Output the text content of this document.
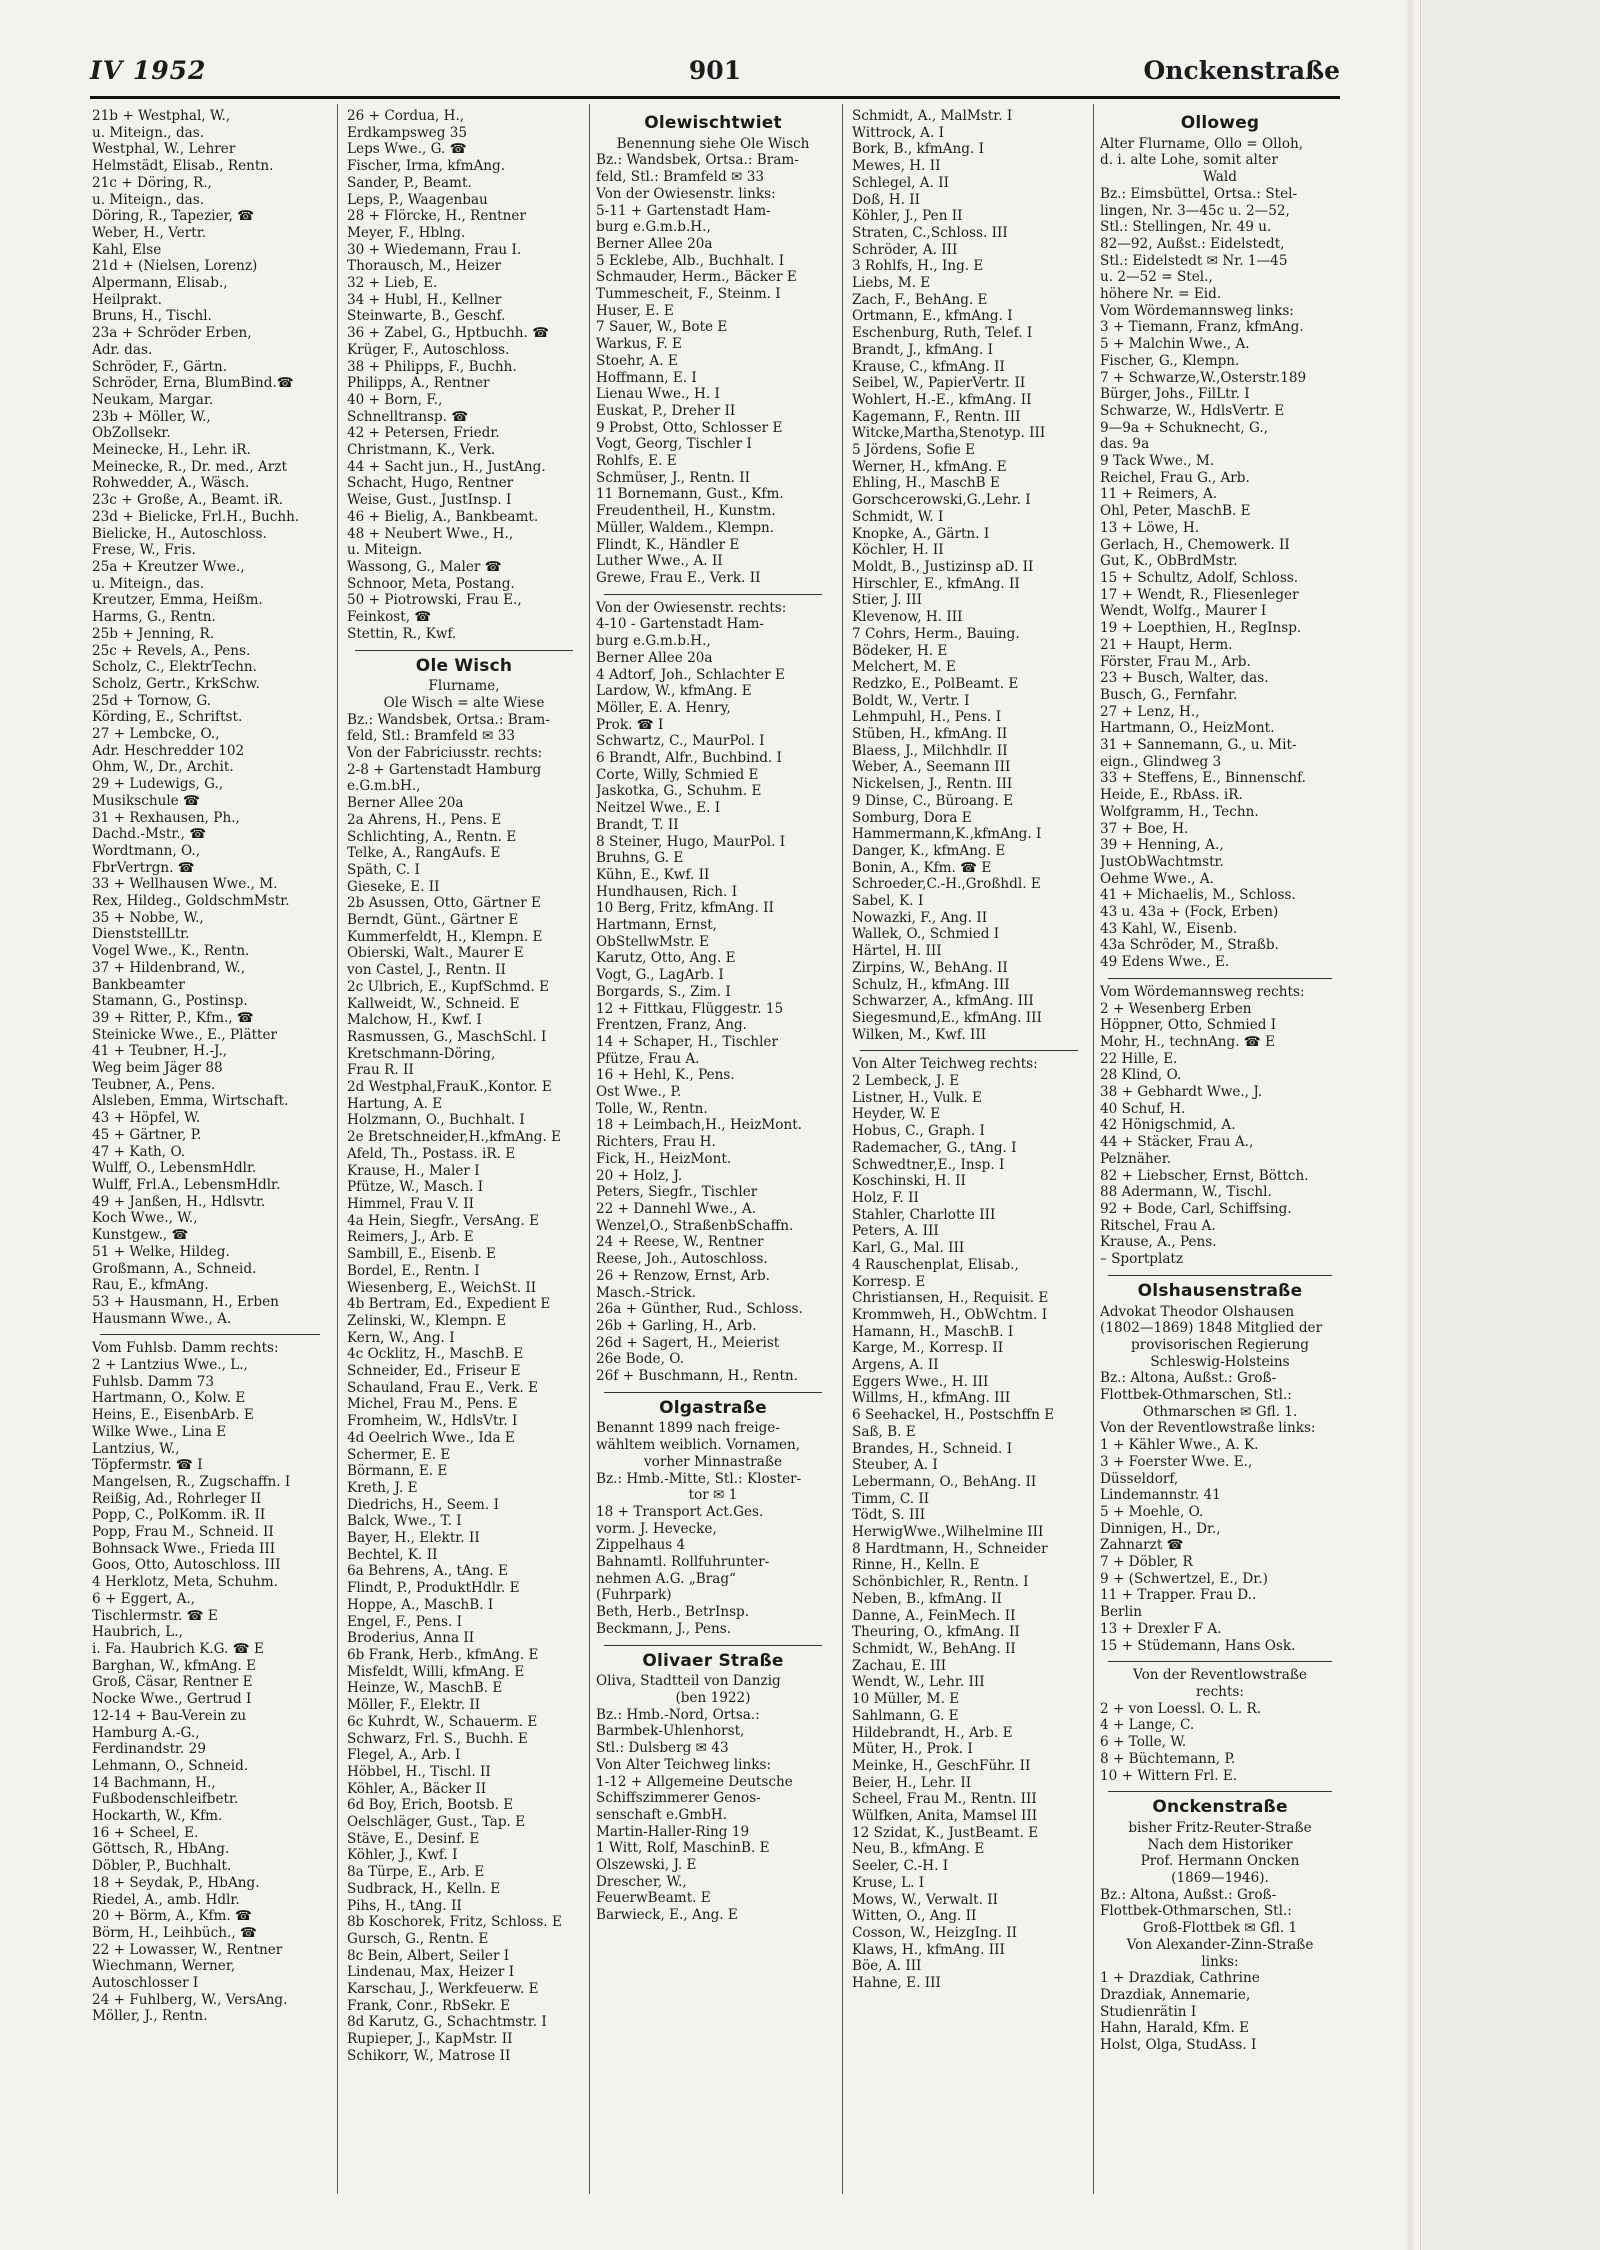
IV 1952	901	Onckenstraße
21b + Westphal, W.,
u. Miteign., das.
Westphal, W., Lehrer
Helmstädt, Elisab., Rentn.
21c + Döring, R.,
u. Miteign., das.
Döring, R., Tapezier, ☎
Weber, H., Vertr.
Kahl, Else
21d + (Nielsen, Lorenz)
Alpermann, Elisab.,
Heilprakt.
Bruns, H., Tischl.
23a + Schröder Erben,
Adr. das.
Schröder, F., Gärtn.
Schröder, Erna, BlumBind.☎
Neukam, Margar.
23b + Möller, W.,
ObZollsekr.
Meinecke, H., Lehr. iR.
Meinecke, R., Dr. med., Arzt
Rohwedder, A., Wäsch.
23c + Große, A., Beamt. iR.
23d + Bielicke, Frl.H., Buchh.
Bielicke, H., Autoschloss.
Frese, W., Fris.
25a + Kreutzer Wwe.,
u. Miteign., das.
Kreutzer, Emma, Heißm.
Harms, G., Rentn.
25b + Jenning, R.
25c + Revels, A., Pens.
Scholz, C., ElektrTechn.
Scholz, Gertr., KrkSchw.
25d + Tornow, G.
Körding, E., Schriftst.
27 + Lembcke, O.,
Adr. Heschredder 102
Ohm, W., Dr., Archit.
29 + Ludewigs, G.,
Musikschule ☎
31 + Rexhausen, Ph.,
Dachd.-Mstr., ☎
Wordtmann, O.,
FbrVertrgn. ☎
33 + Wellhausen Wwe., M.
Rex, Hildeg., GoldschmMstr.
35 + Nobbe, W.,
DienststellLtr.
Vogel Wwe., K., Rentn.
37 + Hildenbrand, W.,
Bankbeamter
Stamann, G., Postinsp.
39 + Ritter, P., Kfm., ☎
Steinicke Wwe., E., Plätter
41 + Teubner, H.-J.,
Weg beim Jäger 88
Teubner, A., Pens.
Alsleben, Emma, Wirtschaft.
43 + Höpfel, W.
45 + Gärtner, P.
47 + Kath, O.
Wulff, O., LebensmHdlr.
Wulff, Frl.A., LebensmHdlr.
49 + Janßen, H., Hdlsvtr.
Koch Wwe., W.,
Kunstgew., ☎
51 + Welke, Hildeg.
Großmann, A., Schneid.
Rau, E., kfmAng.
53 + Hausmann, H., Erben
Hausmann Wwe., A.
Vom Fuhlsb. Damm rechts:
2 + Lantzius Wwe., L.,
Fuhlsb. Damm 73
Hartmann, O., Kolw. E
Heins, E., EisenbArb. E
Wilke Wwe., Lina E
Lantzius, W.,
Töpfermstr. ☎ I
Mangelsen, R., Zugschaffn. I
Reißig, Ad., Rohrleger II
Popp, C., PolKomm. iR. II
Popp, Frau M., Schneid. II
Bohnsack Wwe., Frieda III
Goos, Otto, Autoschloss. III
4 Herklotz, Meta, Schuhm.
6 + Eggert, A.,
Tischlermstr. ☎ E
Haubrich, L.,
i. Fa. Haubrich K.G. ☎ E
Barghan, W., kfmAng. E
Groß, Cäsar, Rentner E
Nocke Wwe., Gertrud I
12-14 + Bau-Verein zu
Hamburg A.-G.,
Ferdinandstr. 29
Lehmann, O., Schneid.
14 Bachmann, H.,
Fußbodenschleifbetr.
Hockarth, W., Kfm.
16 + Scheel, E.
Göttsch, R., HbAng.
Döbler, P., Buchhalt.
18 + Seydak, P., HbAng.
Riedel, A., amb. Hdlr.
20 + Börm, A., Kfm. ☎
Börm, H., Leihbüch., ☎
22 + Lowasser, W., Rentner
Wiechmann, Werner,
Autoschlosser I
24 + Fuhlberg, W., VersAng.
Möller, J., Rentn.
26 + Cordua, H.,
Erdkampsweg 35
Leps Wwe., G. ☎
Fischer, Irma, kfmAng.
Sander, P., Beamt.
Leps, P., Waagenbau
28 + Flörcke, H., Rentner
Meyer, F., Hblng.
30 + Wiedemann, Frau I.
Thorausch, M., Heizer
32 + Lieb, E.
34 + Hubl, H., Kellner
Steinwarte, B., Geschf.
36 + Zabel, G., Hptbuchh. ☎
Krüger, F., Autoschloss.
38 + Philipps, F., Buchh.
Philipps, A., Rentner
40 + Born, F.,
Schnelltransp. ☎
42 + Petersen, Friedr.
Christmann, K., Verk.
44 + Sacht jun., H., JustAng.
Schacht, Hugo, Rentner
Weise, Gust., JustInsp. I
46 + Bielig, A., Bankbeamt.
48 + Neubert Wwe., H.,
u. Miteign.
Wassong, G., Maler ☎
Schnoor, Meta, Postang.
50 + Piotrowski, Frau E.,
Feinkost, ☎
Stettin, R., Kwf.
Ole Wisch
Flurname,
Ole Wisch = alte Wiese
Bz.: Wandsbek, Ortsa.: Bram-
feld, Stl.: Bramfeld ✉ 33
Von der Fabriciusstr. rechts:
2-8 + Gartenstadt Hamburg
e.G.m.bH.,
Berner Allee 20a
2a Ahrens, H., Pens. E
Schlichting, A., Rentn. E
Telke, A., RangAufs. E
Späth, C. I
Gieseke, E. II
2b Asussen, Otto, Gärtner E
Berndt, Günt., Gärtner E
Kummerfeldt, H., Klempn. E
Obierski, Walt., Maurer E
von Castel, J., Rentn. II
2c Ulbrich, E., KupfSchmd. E
Kallweidt, W., Schneid. E
Malchow, H., Kwf. I
Rasmussen, G., MaschSchl. I
Kretschmann-Döring,
Frau R. II
2d Westphal,FrauK.,Kontor. E
Hartung, A. E
Holzmann, O., Buchhalt. I
2e Bretschneider,H.,kfmAng. E
Afeld, Th., Postass. iR. E
Krause, H., Maler I
Pfütze, W., Masch. I
Himmel, Frau V. II
4a Hein, Siegfr., VersAng. E
Reimers, J., Arb. E
Sambill, E., Eisenb. E
Bordel, E., Rentn. I
Wiesenberg, E., WeichSt. II
4b Bertram, Ed., Expedient E
Zelinski, W., Klempn. E
Kern, W., Ang. I
4c Ocklitz, H., MaschB. E
Schneider, Ed., Friseur E
Schauland, Frau E., Verk. E
Michel, Frau M., Pens. E
Fromheim, W., HdlsVtr. I
4d Oeelrich Wwe., Ida E
Schermer, E. E
Börmann, E. E
Kreth, J. E
Diedrichs, H., Seem. I
Balck, Wwe., T. I
Bayer, H., Elektr. II
Bechtel, K. II
6a Behrens, A., tAng. E
Flindt, P., ProduktHdlr. E
Hoppe, A., MaschB. I
Engel, F., Pens. I
Broderius, Anna II
6b Frank, Herb., kfmAng. E
Misfeldt, Willi, kfmAng. E
Heinze, W., MaschB. E
Möller, F., Elektr. II
6c Kuhrdt, W., Schauerm. E
Schwarz, Frl. S., Buchh. E
Flegel, A., Arb. I
Höbbel, H., Tischl. II
Köhler, A., Bäcker II
6d Boy, Erich, Bootsb. E
Oelschläger, Gust., Tap. E
Stäve, E., Desinf. E
Köhler, J., Kwf. I
8a Türpe, E., Arb. E
Sudbrack, H., Kelln. E
Pihs, H., tAng. II
8b Koschorek, Fritz, Schloss. E
Gursch, G., Rentn. E
8c Bein, Albert, Seiler I
Lindenau, Max, Heizer I
Karschau, J., Werkfeuerw. E
Frank, Conr., RbSekr. E
8d Karutz, G., Schachtmstr. I
Rupieper, J., KapMstr. II
Schikorr, W., Matrose II
Olewischtwiet
Benennung siehe Ole Wisch
Bz.: Wandsbek, Ortsa.: Bram-
feld, Stl.: Bramfeld ✉ 33
Von der Owiesenstr. links:
5-11 + Gartenstadt Ham-
burg e.G.m.b.H.,
Berner Allee 20a
5 Ecklebe, Alb., Buchhalt. I
Schmauder, Herm., Bäcker E
Tummescheit, F., Steinm. I
Huser, E. E
7 Sauer, W., Bote E
Warkus, F. E
Stoehr, A. E
Hoffmann, E. I
Lienau Wwe., H. I
Euskat, P., Dreher II
9 Probst, Otto, Schlosser E
Vogt, Georg, Tischler I
Rohlfs, E. E
Schmüser, J., Rentn. II
11 Bornemann, Gust., Kfm.
Freudentheil, H., Kunstm.
Müller, Waldem., Klempn.
Flindt, K., Händler E
Luther Wwe., A. II
Grewe, Frau E., Verk. II
Von der Owiesenstr. rechts:
4-10 - Gartenstadt Ham-
burg e.G.m.b.H.,
Berner Allee 20a
4 Adtorf, Joh., Schlachter E
Lardow, W., kfmAng. E
Möller, E. A. Henry,
Prok. ☎ I
Schwartz, C., MaurPol. I
6 Brandt, Alfr., Buchbind. I
Corte, Willy, Schmied E
Jaskotka, G., Schuhm. E
Neitzel Wwe., E. I
Brandt, T. II
8 Steiner, Hugo, MaurPol. I
Bruhns, G. E
Kühn, E., Kwf. II
Hundhausen, Rich. I
10 Berg, Fritz, kfmAng. II
Hartmann, Ernst,
ObStellwMstr. E
Karutz, Otto, Ang. E
Vogt, G., LagArb. I
Borgards, S., Zim. I
12 + Fittkau, Flüggestr. 15
Frentzen, Franz, Ang.
14 + Schaper, H., Tischler
Pfütze, Frau A.
16 + Hehl, K., Pens.
Ost Wwe., P.
Tolle, W., Rentn.
18 + Leimbach,H., HeizMont.
Richters, Frau H.
Fick, H., HeizMont.
20 + Holz, J.
Peters, Siegfr., Tischler
22 + Dannehl Wwe., A.
Wenzel,O., StraßenbSchaffn.
24 + Reese, W., Rentner
Reese, Joh., Autoschloss.
26 + Renzow, Ernst, Arb.
Masch.-Strick.
26a + Günther, Rud., Schloss.
26b + Garling, H., Arb.
26d + Sagert, H., Meierist
26e Bode, O.
26f + Buschmann, H., Rentn.
Olgastraße
Benannt 1899 nach freige-
wähltem weiblich. Vornamen,
vorher Minnastraße
Bz.: Hmb.-Mitte, Stl.: Kloster-
tor ✉ 1
18 + Transport Act.Ges.
vorm. J. Hevecke,
Zippelhaus 4
Bahnamtl. Rollfuhrunter-
nehmen A.G. „Brag“
(Fuhrpark)
Beth, Herb., BetrInsp.
Beckmann, J., Pens.
Olivaer Straße
Oliva, Stadtteil von Danzig
(ben 1922)
Bz.: Hmb.-Nord, Ortsa.:
Barmbek-Uhlenhorst,
Stl.: Dulsberg ✉ 43
Von Alter Teichweg links:
1-12 + Allgemeine Deutsche
Schiffszimmerer Genos-
senschaft e.GmbH.
Martin-Haller-Ring 19
1 Witt, Rolf, MaschinB. E
Olszewski, J. E
Drescher, W.,
FeuerwBeamt. E
Barwieck, E., Ang. E
Schmidt, A., MalMstr. I
Wittrock, A. I
Bork, B., kfmAng. I
Mewes, H. II
Schlegel, A. II
Doß, H. II
Köhler, J., Pen II
Straten, C.,Schloss. III
Schröder, A. III
3 Rohlfs, H., Ing. E
Liebs, M. E
Zach, F., BehAng. E
Ortmann, E., kfmAng. I
Eschenburg, Ruth, Telef. I
Brandt, J., kfmAng. I
Krause, C., kfmAng. II
Seibel, W., PapierVertr. II
Wohlert, H.-E., kfmAng. II
Kagemann, F., Rentn. III
Witcke,Martha,Stenotyp. III
5 Jördens, Sofie E
Werner, H., kfmAng. E
Ehling, H., MaschB E
Gorschcerowski,G.,Lehr. I
Schmidt, W. I
Knopke, A., Gärtn. I
Köchler, H. II
Moldt, B., Justizinsp aD. II
Hirschler, E., kfmAng. II
Stier, J. III
Klevenow, H. III
7 Cohrs, Herm., Bauing.
Bödeker, H. E
Melchert, M. E
Redzko, E., PolBeamt. E
Boldt, W., Vertr. I
Lehmpuhl, H., Pens. I
Stüben, H., kfmAng. II
Blaess, J., Milchhdlr. II
Weber, A., Seemann III
Nickelsen, J., Rentn. III
9 Dinse, C., Büroang. E
Somburg, Dora E
Hammermann,K.,kfmAng. I
Danger, K., kfmAng. E
Bonin, A., Kfm. ☎ E
Schroeder,C.-H.,Großhdl. E
Sabel, K. I
Nowazki, F., Ang. II
Wallek, O., Schmied I
Härtel, H. III
Zirpins, W., BehAng. II
Schulz, H., kfmAng. III
Schwarzer, A., kfmAng. III
Siegesmund,E., kfmAng. III
Wilken, M., Kwf. III
Von Alter Teichweg rechts:
2 Lembeck, J. E
Listner, H., Vulk. E
Heyder, W. E
Hobus, C., Graph. I
Rademacher, G., tAng. I
Schwedtner,E., Insp. I
Koschinski, H. II
Holz, F. II
Stahler, Charlotte III
Peters, A. III
Karl, G., Mal. III
4 Rauschenplat, Elisab.,
Korresp. E
Christiansen, H., Requisit. E
Krommweh, H., ObWchtm. I
Hamann, H., MaschB. I
Karge, M., Korresp. II
Argens, A. II
Eggers Wwe., H. III
Willms, H., kfmAng. III
6 Seehackel, H., Postschffn E
Saß, B. E
Brandes, H., Schneid. I
Steuber, A. I
Lebermann, O., BehAng. II
Timm, C. II
Tödt, S. III
HerwigWwe.,Wilhelmine III
8 Hardtmann, H., Schneider
Rinne, H., Kelln. E
Schönbichler, R., Rentn. I
Neben, B., kfmAng. II
Danne, A., FeinMech. II
Theuring, O., kfmAng. II
Schmidt, W., BehAng. II
Zachau, E. III
Wendt, W., Lehr. III
10 Müller, M. E
Sahlmann, G. E
Hildebrandt, H., Arb. E
Müter, H., Prok. I
Meinke, H., GeschFühr. II
Beier, H., Lehr. II
Scheel, Frau M., Rentn. III
Wülfken, Anita, Mamsel III
12 Szidat, K., JustBeamt. E
Neu, B., kfmAng. E
Seeler, C.-H. I
Kruse, L. I
Mows, W., Verwalt. II
Witten, O., Ang. II
Cosson, W., HeizgIng. II
Klaws, H., kfmAng. III
Böe, A. III
Hahne, E. III
Olloweg
Alter Flurname, Ollo = Olloh,
d. i. alte Lohe, somit alter
Wald
Bz.: Eimsbüttel, Ortsa.: Stel-
lingen, Nr. 3—45c u. 2—52,
Stl.: Stellingen, Nr. 49 u.
82—92, Außst.: Eidelstedt,
Stl.: Eidelstedt ✉ Nr. 1—45
u. 2—52 = Stel.,
höhere Nr. = Eid.
Vom Wördemannsweg links:
3 + Tiemann, Franz, kfmAng.
5 + Malchin Wwe., A.
Fischer, G., Klempn.
7 + Schwarze,W.,Osterstr.189
Bürger, Johs., FilLtr. I
Schwarze, W., HdlsVertr. E
9—9a + Schuknecht, G.,
das. 9a
9 Tack Wwe., M.
Reichel, Frau G., Arb.
11 + Reimers, A.
Ohl, Peter, MaschB. E
13 + Löwe, H.
Gerlach, H., Chemowerk. II
Gut, K., ObBrdMstr.
15 + Schultz, Adolf, Schloss.
17 + Wendt, R., Fliesenleger
Wendt, Wolfg., Maurer I
19 + Loepthien, H., RegInsp.
21 + Haupt, Herm.
Förster, Frau M., Arb.
23 + Busch, Walter, das.
Busch, G., Fernfahr.
27 + Lenz, H.,
Hartmann, O., HeizMont.
31 + Sannemann, G., u. Mit-
eign., Glindweg 3
33 + Steffens, E., Binnenschf.
Heide, E., RbAss. iR.
Wolfgramm, H., Techn.
37 + Boe, H.
39 + Henning, A.,
JustObWachtmstr.
Oehme Wwe., A.
41 + Michaelis, M., Schloss.
43 u. 43a + (Fock, Erben)
43 Kahl, W., Eisenb.
43a Schröder, M., Straßb.
49 Edens Wwe., E.
Vom Wördemannsweg rechts:
2 + Wesenberg Erben
Höppner, Otto, Schmied I
Mohr, H., technAng. ☎ E
22 Hille, E.
28 Klind, O.
38 + Gebhardt Wwe., J.
40 Schuf, H.
42 Hönigschmid, A.
44 + Stäcker, Frau A.,
Pelznäher.
82 + Liebscher, Ernst, Böttch.
88 Adermann, W., Tischl.
92 + Bode, Carl, Schiffsing.
Ritschel, Frau A.
Krause, A., Pens.
– Sportplatz
Olshausenstraße
Advokat Theodor Olshausen
(1802—1869) 1848 Mitglied der
provisorischen Regierung
Schleswig-Holsteins
Bz.: Altona, Außst.: Groß-
Flottbek-Othmarschen, Stl.:
Othmarschen ✉ Gfl. 1.
Von der Reventlowstraße links:
1 + Kähler Wwe., A. K.
3 + Foerster Wwe. E.,
Düsseldorf,
Lindemannstr. 41
5 + Moehle, O.
Dinnigen, H., Dr.,
Zahnarzt ☎
7 + Döbler, R
9 + (Schwertzel, E., Dr.)
11 + Trapper. Frau D..
Berlin
13 + Drexler F A.
15 + Stüdemann, Hans Osk.
Von der Reventlowstraße
rechts:
2 + von Loessl. O. L. R.
4 + Lange, C.
6 + Tolle, W.
8 + Büchtemann, P.
10 + Wittern Frl. E.
Onckenstraße
bisher Fritz-Reuter-Straße
Nach dem Historiker
Prof. Hermann Oncken
(1869—1946).
Bz.: Altona, Außst.: Groß-
Flottbek-Othmarschen, Stl.:
Groß-Flottbek ✉ Gfl. 1
Von Alexander-Zinn-Straße
links:
1 + Drazdiak, Cathrine
Drazdiak, Annemarie,
Studienrätin I
Hahn, Harald, Kfm. E
Holst, Olga, StudAss. I
